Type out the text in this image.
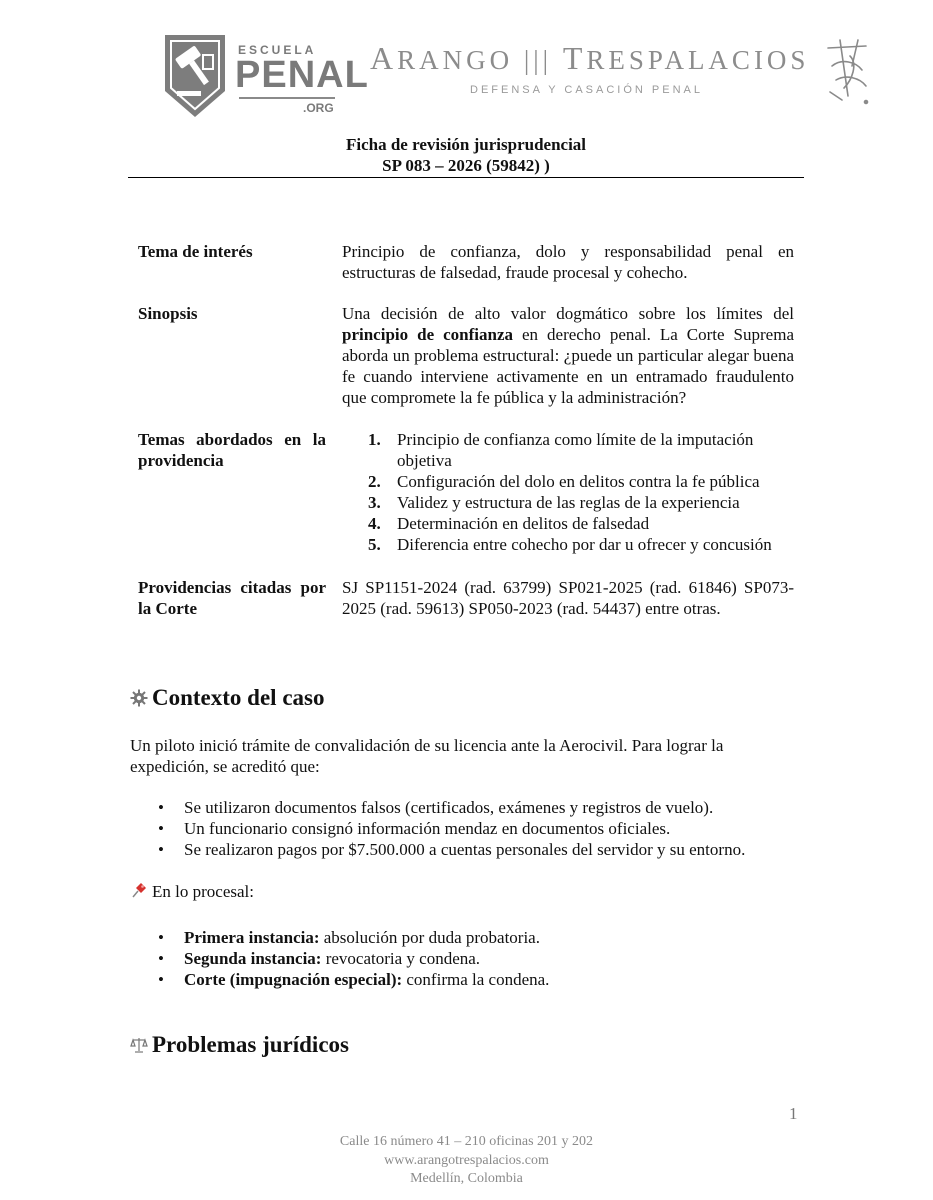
ESCUELA
PENAL
.ORG
ARANGO ||| TRESPALACIOS
DEFENSA Y CASACIÓN PENAL
Ficha de revisión jurisprudencial
SP 083 – 2026 (59842) )
Tema de interés	Principio de confianza, dolo y responsabilidad penal en estructuras de falsedad, fraude procesal y cohecho.
Sinopsis	Una decisión de alto valor dogmático sobre los límites del principio de confianza en derecho penal. La Corte Suprema aborda un problema estructural: ¿puede un particular alegar buena fe cuando interviene activamente en un entramado fraudulento que compromete la fe pública y la administración?
Temas abordados en la providencia
1. Principio de confianza como límite de la imputación objetiva
2. Configuración del dolo en delitos contra la fe pública
3. Validez y estructura de las reglas de la experiencia
4. Determinación en delitos de falsedad
5. Diferencia entre cohecho por dar u ofrecer y concusión
Providencias citadas por la Corte
SJ SP1151-2024 (rad. 63799) SP021-2025 (rad. 61846) SP073-2025 (rad. 59613) SP050-2023 (rad. 54437) entre otras.
Contexto del caso
Un piloto inició trámite de convalidación de su licencia ante la Aerocivil. Para lograr la expedición, se acreditó que:
• Se utilizaron documentos falsos (certificados, exámenes y registros de vuelo).
• Un funcionario consignó información mendaz en documentos oficiales.
• Se realizaron pagos por $7.500.000 a cuentas personales del servidor y su entorno.
En lo procesal:
• Primera instancia: absolución por duda probatoria.
• Segunda instancia: revocatoria y condena.
• Corte (impugnación especial): confirma la condena.
Problemas jurídicos
1
Calle 16 número 41 – 210 oficinas 201 y 202
www.arangotrespalacios.com
Medellín, Colombia
